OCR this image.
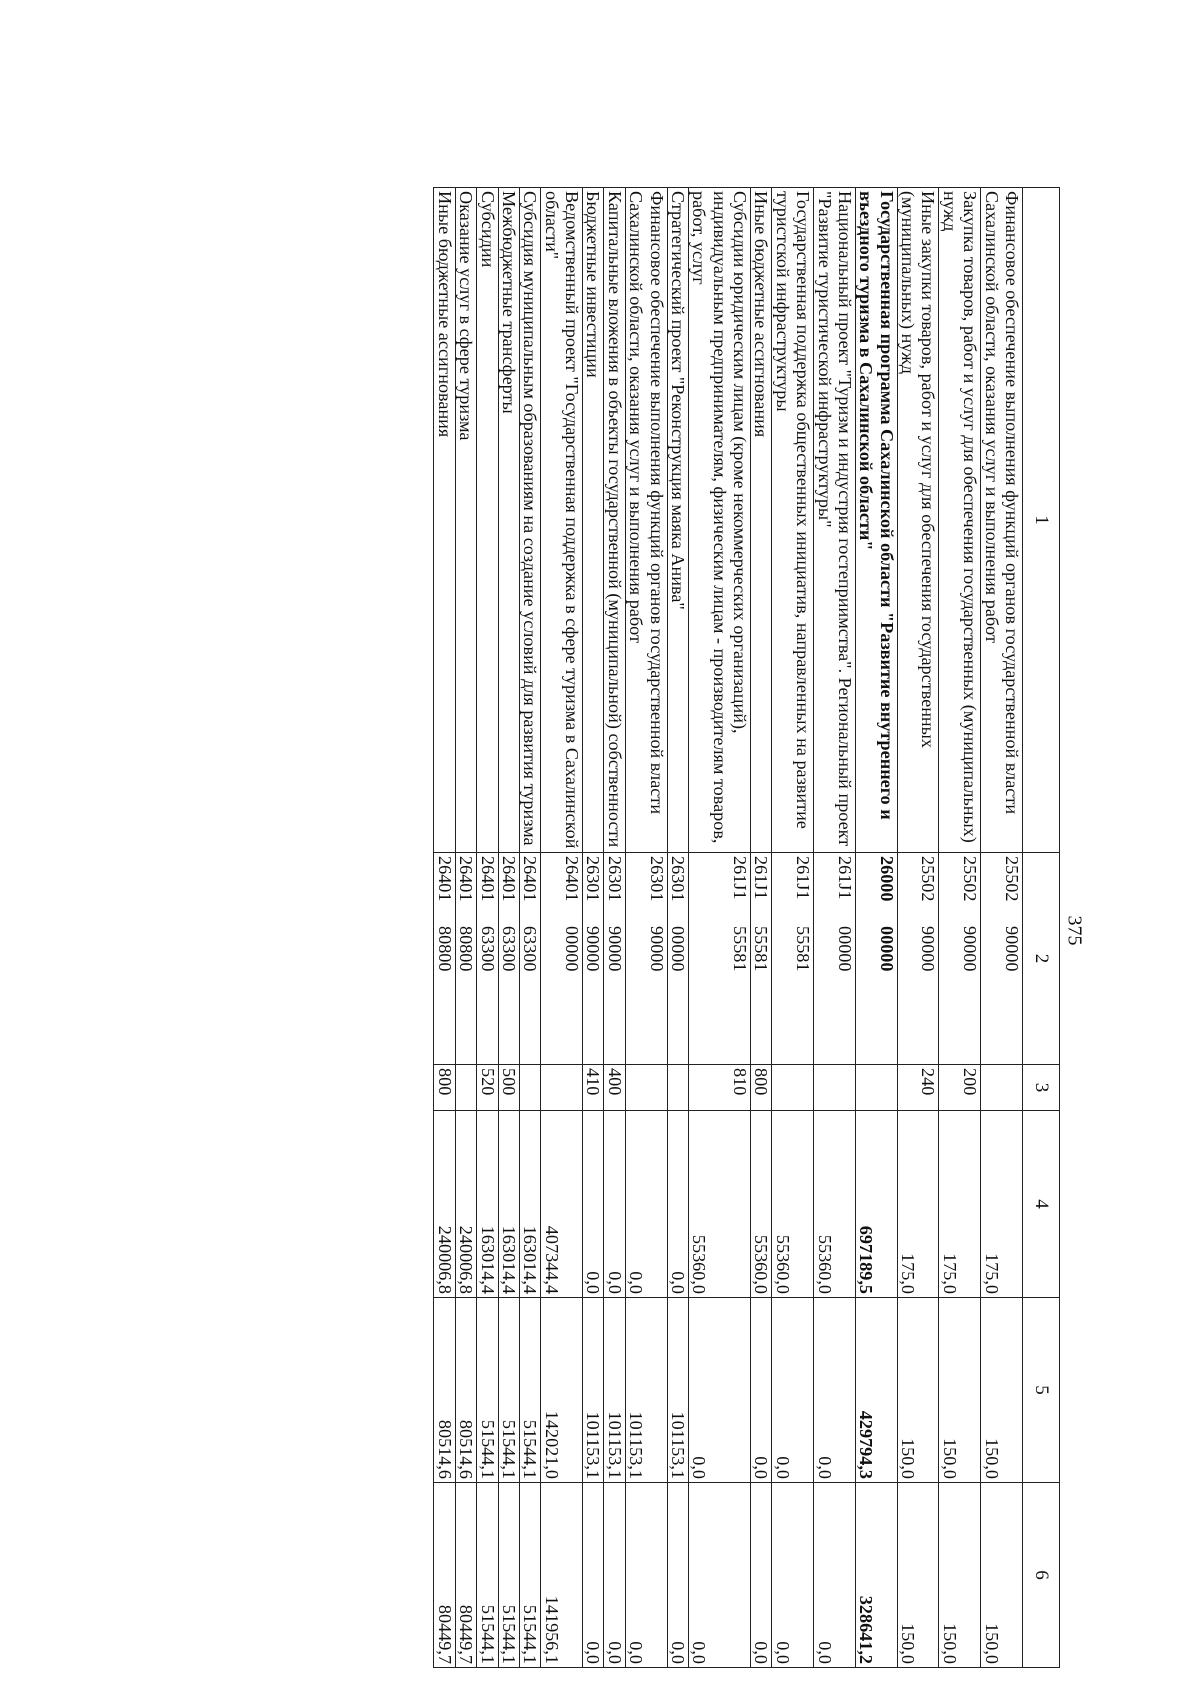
375
1	2	3	4	5	6
Финансовое обеспечение выполнения функций органов государственной власти Сахалинской области, оказания услуг и выполнения работ	2550290000		175,0	150,0	150,0
Закупка товаров, работ и услуг для обеспечения государственных (муниципальных) нужд	2550290000	200	175,0	150,0	150,0
Иные закупки товаров, работ и услуг для обеспечения государственных (муниципальных) нужд	2550290000	240	175,0	150,0	150,0
Государственная программа Сахалинской области "Развитие внутреннего и въездного туризма в Сахалинской области"	2600000000		697189,5	429794,3	328641,2
Национальный проект "Туризм и индустрия гостеприимства". Региональный проект "Развитие туристической инфраструктуры"	261J100000		55360,0	0,0	0,0
Государственная поддержка общественных инициатив, направленных на развитие туристской инфраструктуры	261J155581		55360,0	0,0	0,0
Иные бюджетные ассигнования	261J155581	800	55360,0	0,0	0,0
Субсидии юридическим лицам (кроме некоммерческих организаций), индивидуальным предпринимателям, физическим лицам - производителям товаров, работ, услуг	261J155581	810	55360,0	0,0	0,0
Стратегический проект "Реконструкция маяка Анива"	2630100000		0,0	101153,1	0,0
Финансовое обеспечение выполнения функций органов государственной власти Сахалинской области, оказания услуг и выполнения работ	2630190000		0,0	101153,1	0,0
Капитальные вложения в объекты государственной (муниципальной) собственности	2630190000	400	0,0	101153,1	0,0
Бюджетные инвестиции	2630190000	410	0,0	101153,1	0,0
Ведомственный проект "Государственная поддержка в сфере туризма в Сахалинской области"	2640100000		407344,4	142021,0	141956,1
Субсидия муниципальным образованиям на создание условий для развития туризма	2640163300		163014,4	51544,1	51544,1
Межбюджетные трансферты	2640163300	500	163014,4	51544,1	51544,1
Субсидии	2640163300	520	163014,4	51544,1	51544,1
Оказание услуг в сфере туризма	2640180800		240006,8	80514,6	80449,7
Иные бюджетные ассигнования	2640180800	800	240006,8	80514,6	80449,7
